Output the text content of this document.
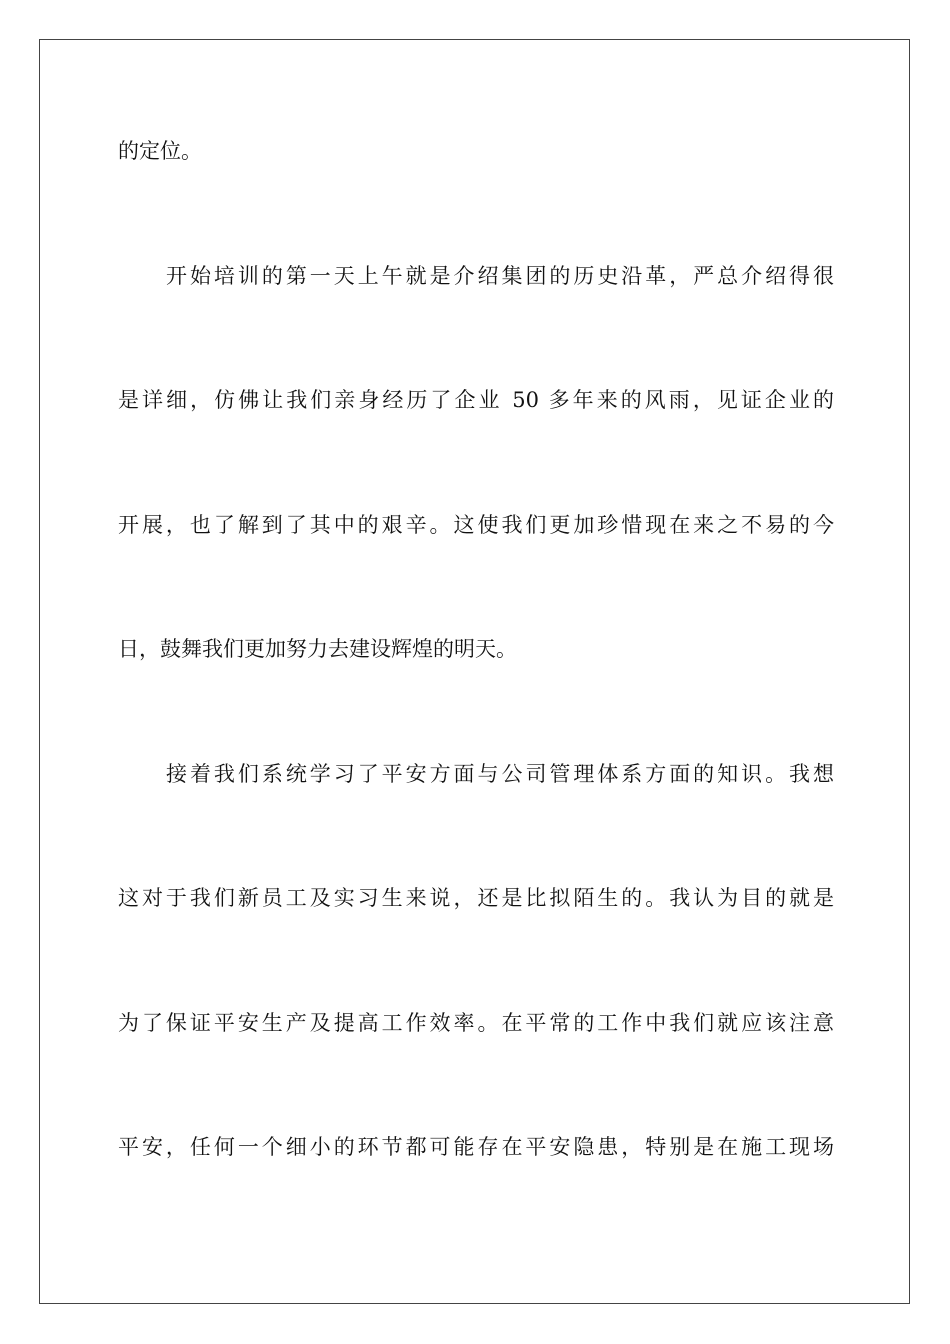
的定位。
开始培训的第一天上午就是介绍集团的历史沿革，严总介绍得很
是详细，仿佛让我们亲身经历了企业 50 多年来的风雨，见证企业的
开展，也了解到了其中的艰辛。这使我们更加珍惜现在来之不易的今
日，鼓舞我们更加努力去建设辉煌的明天。
接着我们系统学习了平安方面与公司管理体系方面的知识。我想
这对于我们新员工及实习生来说，还是比拟陌生的。我认为目的就是
为了保证平安生产及提高工作效率。在平常的工作中我们就应该注意
平安，任何一个细小的环节都可能存在平安隐患，特别是在施工现场
